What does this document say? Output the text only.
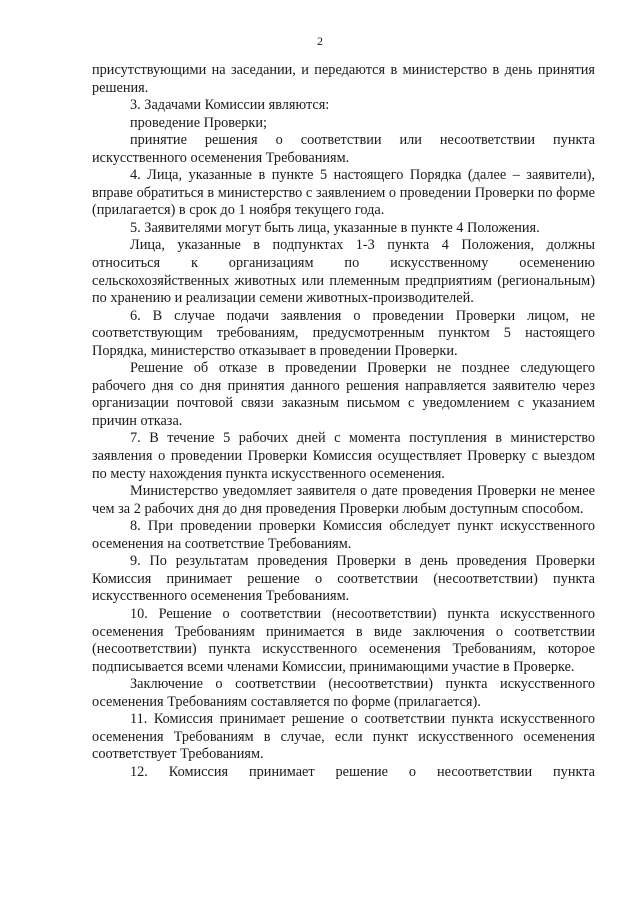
2

присутствующими на заседании, и передаются в министерство в день принятия решения.

3. Задачами Комиссии являются:

проведение Проверки;

принятие решения о соответствии или несоответствии пункта искусственного осеменения Требованиям.

4. Лица, указанные в пункте 5 настоящего Порядка (далее – заявители), вправе обратиться в министерство с заявлением о проведении Проверки по форме (прилагается) в срок до 1 ноября текущего года.

5. Заявителями могут быть лица, указанные в пункте 4 Положения.

Лица, указанные в подпунктах 1-3 пункта 4 Положения, должны относиться к организациям по искусственному осеменению сельскохозяйственных животных или племенным предприятиям (региональным) по хранению и реализации семени животных-производителей.

6. В случае подачи заявления о проведении Проверки лицом, не соответствующим требованиям, предусмотренным пунктом 5 настоящего Порядка, министерство отказывает в проведении Проверки.

Решение об отказе в проведении Проверки не позднее следующего рабочего дня со дня принятия данного решения направляется заявителю через организации почтовой связи заказным письмом с уведомлением с указанием причин отказа.

7. В течение 5 рабочих дней с момента поступления в министерство заявления о проведении Проверки Комиссия осуществляет Проверку с выездом по месту нахождения пункта искусственного осеменения.

Министерство уведомляет заявителя о дате проведения Проверки не менее чем за 2 рабочих дня до дня проведения Проверки любым доступным способом.

8. При проведении проверки Комиссия обследует пункт искусственного осеменения на соответствие Требованиям.

9. По результатам проведения Проверки в день проведения Проверки Комиссия принимает решение о соответствии (несоответствии) пункта искусственного осеменения Требованиям.

10. Решение о соответствии (несоответствии) пункта искусственного осеменения Требованиям принимается в виде заключения о соответствии (несоответствии) пункта искусственного осеменения Требованиям, которое подписывается всеми членами Комиссии, принимающими участие в Проверке.

Заключение о соответствии (несоответствии) пункта искусственного осеменения Требованиям составляется по форме (прилагается).

11. Комиссия принимает решение о соответствии пункта искусственного осеменения Требованиям в случае, если пункт искусственного осеменения соответствует Требованиям.

12. Комиссия принимает решение о несоответствии пункта
